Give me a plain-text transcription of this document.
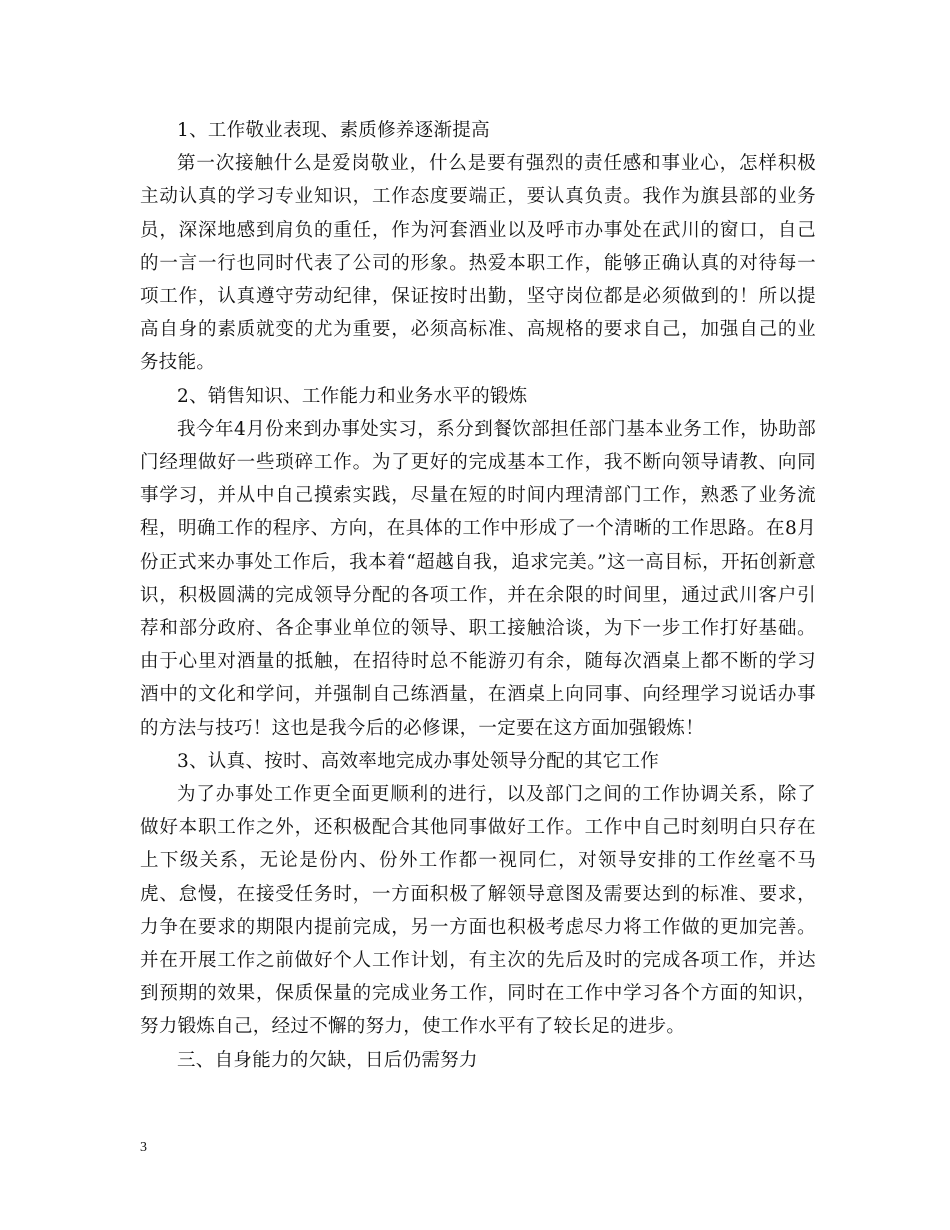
1、工作敬业表现、素质修养逐渐提高

第一次接触什么是爱岗敬业，什么是要有强烈的责任感和事业心，怎样积极主动认真的学习专业知识，工作态度要端正，要认真负责。我作为旗县部的业务员，深深地感到肩负的重任，作为河套酒业以及呼市办事处在武川的窗口，自己的一言一行也同时代表了公司的形象。热爱本职工作，能够正确认真的对待每一项工作，认真遵守劳动纪律，保证按时出勤，坚守岗位都是必须做到的！所以提高自身的素质就变的尤为重要，必须高标准、高规格的要求自己，加强自己的业务技能。

2、销售知识、工作能力和业务水平的锻炼

我今年4月份来到办事处实习，系分到餐饮部担任部门基本业务工作，协助部门经理做好一些琐碎工作。为了更好的完成基本工作，我不断向领导请教、向同事学习，并从中自己摸索实践，尽量在短的时间内理清部门工作，熟悉了业务流程，明确工作的程序、方向，在具体的工作中形成了一个清晰的工作思路。在8月份正式来办事处工作后，我本着“超越自我，追求完美。”这一高目标，开拓创新意识，积极圆满的完成领导分配的各项工作，并在余限的时间里，通过武川客户引荐和部分政府、各企事业单位的领导、职工接触洽谈，为下一步工作打好基础。由于心里对酒量的抵触，在招待时总不能游刃有余，随每次酒桌上都不断的学习酒中的文化和学问，并强制自己练酒量，在酒桌上向同事、向经理学习说话办事的方法与技巧！这也是我今后的必修课，一定要在这方面加强锻炼！

3、认真、按时、高效率地完成办事处领导分配的其它工作

为了办事处工作更全面更顺利的进行，以及部门之间的工作协调关系，除了做好本职工作之外，还积极配合其他同事做好工作。工作中自己时刻明白只存在上下级关系，无论是份内、份外工作都一视同仁，对领导安排的工作丝毫不马虎、怠慢，在接受任务时，一方面积极了解领导意图及需要达到的标准、要求，力争在要求的期限内提前完成，另一方面也积极考虑尽力将工作做的更加完善。并在开展工作之前做好个人工作计划，有主次的先后及时的完成各项工作，并达到预期的效果，保质保量的完成业务工作，同时在工作中学习各个方面的知识，努力锻炼自己，经过不懈的努力，使工作水平有了较长足的进步。

三、自身能力的欠缺，日后仍需努力

3
